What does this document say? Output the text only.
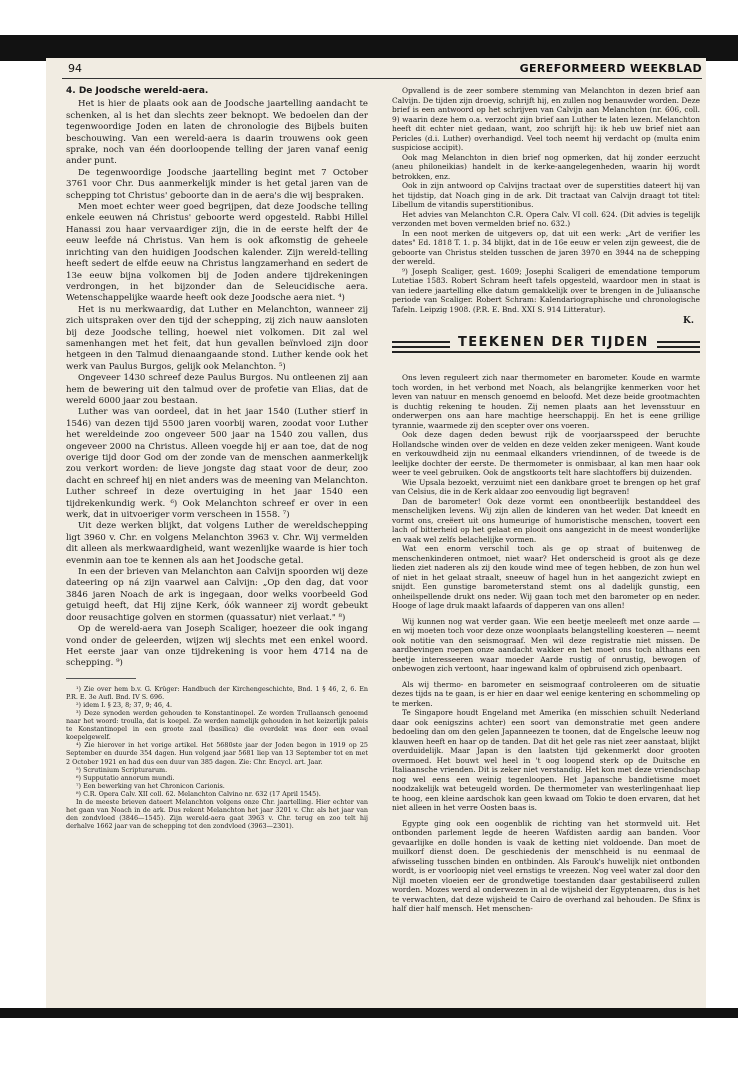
94	GEREFORMEERD WEEKBLAD
4. De Joodsche wereld-aera.

Het is hier de plaats ook aan de Joodsche jaartelling aandacht te schenken, al is het dan slechts zeer beknopt. We bedoelen dan der tegenwoordige Joden en laten de chronologie des Bijbels buiten beschouwing. Van een wereld-aera is daarin trouwens ook geen sprake, noch van één doorloopende telling der jaren vanaf eenig ander punt.

De tegenwoordige Joodsche jaartelling begint met 7 October 3761 voor Chr. Dus aanmerkelijk minder is het getal jaren van de schepping tot Christus' geboorte dan in de aera's die wij bespraken.

Men moet echter weer goed begrijpen, dat deze Joodsche telling enkele eeuwen ná Christus' geboorte werd opgesteld. Rabbi Hillel Hanassi zou haar vervaardiger zijn, die in de eerste helft der 4e eeuw leefde ná Christus. Van hem is ook afkomstig de geheele inrichting van den huidigen Joodschen kalender. Zijn wereld-telling heeft sedert de elfde eeuw na Christus langzamerhand en sedert de 13e eeuw bijna volkomen bij de Joden andere tijdrekeningen verdrongen, in het bijzonder dan de Seleucidische aera. Wetenschappelijke waarde heeft ook deze Joodsche aera niet. ⁴)

Het is nu merkwaardig, dat Luther en Melanchton, wanneer zij zich uitspraken over den tijd der schepping, zij zich nauw aansloten bij deze Joodsche telling, hoewel niet volkomen. Dit zal wel samenhangen met het feit, dat hun gevallen beïnvloed zijn door hetgeen in den Talmud dienaangaande stond. Luther kende ook het werk van Paulus Burgos, gelijk ook Melanchton. ⁵)

Ongeveer 1430 schreef deze Paulus Burgos. Nu ontleenen zij aan hem de bewering uit den talmud over de profetie van Elias, dat de wereld 6000 jaar zou bestaan.

Luther was van oordeel, dat in het jaar 1540 (Luther stierf in 1546) van dezen tijd 5500 jaren voorbij waren, zoodat voor Luther het wereldeinde zoo ongeveer 500 jaar na 1540 zou vallen, dus ongeveer 2000 na Christus. Alleen voegde hij er aan toe, dat de nog overige tijd door God om der zonde van de menschen aanmerkelijk zou verkort worden: de lieve jongste dag staat voor de deur, zoo dacht en schreef hij en niet anders was de meening van Melanchton. Luther schreef in deze overtuiging in het jaar 1540 een tijdrekenkundig werk. ⁶) Ook Melanchton schreef er over in een werk, dat in uitvoeriger vorm verscheen in 1558. ⁷)

Uit deze werken blijkt, dat volgens Luther de wereldschepping ligt 3960 v. Chr. en volgens Melanchton 3963 v. Chr. Wij vermelden dit alleen als merkwaardigheid, want wezenlijke waarde is hier toch evenmin aan toe te kennen als aan het Joodsche getal.

In een der brieven van Melanchton aan Calvijn spoorden wij deze dateering op ná zijn vaarwel aan Calvijn: „Op den dag, dat voor 3846 jaren Noach de ark is ingegaan, door welks voorbeeld God getuigd heeft, dat Hij zijne Kerk, óók wanneer zij wordt gebeukt door reusachtige golven en stormen (quassatur) niet verlaat." ⁸)

Op de wereld-aera van Joseph Scaliger, hoezeer die ook ingang vond onder de geleerden, wijzen wij slechts met een enkel woord. Het eerste jaar van onze tijdrekening is voor hem 4714 na de schepping. ⁹)

¹) Zie over hem b.v. G. Krüger: Handbuch der Kirchengeschichte, Bnd. 1 § 46, 2, 6. En P.R. E. 3e Aufl. Bnd. IV S. 696.

²) idem I. § 23, 8; 37, 9; 46, 4.

³) Deze synoden werden gehouden te Konstantinopel. Ze worden Trullaansch genoemd naar het woord: troulla, dat is koepel. Ze werden namelijk gehouden in het keizerlijk paleis te Konstantinopel in een groote zaal (basilica) die overdekt was door een ovaal koepelgewelf.

⁴) Zie hierover in het vorige artikel. Het 5680ste jaar der Joden begon in 1919 op 25 September en duurde 354 dagen. Hun volgend jaar 5681 liep van 13 September tot en met 2 October 1921 en had dus een duur van 385 dagen. Zie: Chr. Encycl. art. Jaar.

⁵) Scrutinium Scripturarum.

⁶) Supputatio annorum mundi.

⁷) Een bewerking van het Chronicon Carionis.

⁸) C.R. Opera Calv. XII coll. 62. Melanchton Calvino nr. 632 (17 April 1545).

In de meeste brieven dateert Melanchton volgens onze Chr. jaartelling. Hier echter van het gaan van Noach in de ark. Dus rekent Melanchton het jaar 3201 v. Chr. als het jaar van den zondvloed (3846—1545). Zijn wereld-aera gaat 3963 v. Chr. terug en zoo telt hij derhalve 1662 jaar van de schepping tot den zondvloed (3963—2301).

Opvallend is de zeer sombere stemming van Melanchton in dezen brief aan Calvijn. De tijden zijn droevig, schrijft hij, en zullen nog benauwder worden. Deze brief is een antwoord op het schrijven van Calvijn aan Melanchton (nr. 606, coll. 9) waarin deze hem o.a. verzocht zijn brief aan Luther te laten lezen. Melanchton heeft dit echter niet gedaan, want, zoo schrijft hij: ik heb uw brief niet aan Pericles (d.i. Luther) overhandigd. Veel toch neemt hij verdacht op (multa enim suspiciose accipit).

Ook mag Melanchton in dien brief nog opmerken, dat hij zonder eerzucht (aneu philoneikias) handelt in de kerke-aangelegenheden, waarin hij wordt betrokken, enz.

Ook in zijn antwoord op Calvijns tractaat over de superstities dateert hij van het tijdstip, dat Noach ging in de ark. Dit tractaat van Calvijn draagt tot titel: Libellum de vitandis superstitionibus.

Het advies van Melanchton C.R. Opera Calv. VI coll. 624. (Dit advies is tegelijk verzonden met boven vermelden brief no. 632.)

In een noot merken de uitgevers op, dat uit een werk: „Art de verifier les dates" Ed. 1818 T. 1. p. 34 blijkt, dat in de 16e eeuw er velen zijn geweest, die de geboorte van Christus stelden tusschen de jaren 3970 en 3944 na de schepping der wereld.

⁹) Joseph Scaliger, gest. 1609; Josephi Scaligeri de emendatione temporum Lutetiae 1583. Robert Schram heeft tafels opgesteld, waardoor men in staat is van iedere jaartelling elke datum gemakkelijk over te brengen in de Juliaansche periode van Scaliger. Robert Schram: Kalendariographische und chronologische Tafeln. Leipzig 1908. (P.R. E. Bnd. XXI S. 914 Litteratur).

K.
TEEKENEN DER TIJDEN

Ons leven reguleert zich naar thermometer en barometer. Koude en warmte toch worden, in het verbond met Noach, als belangrijke kenmerken voor het leven van natuur en mensch genoemd en beloofd. Met deze beide grootmachten is duchtig rekening te houden. Zij nemen plaats aan het levensstuur en onderwerpen ons aan hare machtige heerschappij. En het is eene grillige tyrannie, waarmede zij den scepter over ons voeren.

Ook deze dagen deden bewust rijk de voorjaarsspeed der beruchte Hollandsche winden over de velden en deze velden zeker menigeen. Want koude en verkouwdheid zijn nu eenmaal elkanders vriendinnen, of de tweede is de leelijke dochter der eerste. De thermometer is onmisbaar, al kan men haar ook weer te veel gebruiken. Ook de angstkoorts telt hare slachtoffers bij duizenden.

Wie Upsala bezoekt, verzuimt niet een dankbare groet te brengen op het graf van Celsius, die in de Kerk aldaar zoo eenvoudig ligt begraven!

Dan de barometer! Ook deze vormt een onontbeerlijk bestanddeel des menschelijken levens. Wij zijn allen de kinderen van het weder. Dat kneedt en vormt ons, creëert uit ons humeurige of humoristische menschen, toovert een lach of bitterheid op het gelaat en plooit ons aangezicht in de meest wonderlijke en vaak wel zelfs belachelijke vormen.

Wat een enorm verschil toch als ge op straat of buitenweg de menschenkinderen ontmoet, niet waar? Het onderscheid is groot als ge deze lieden ziet naderen als zij den koude wind mee of tegen hebben, de zon hun wel of niet in het gelaat straalt, sneeuw of hagel hun in het aangezicht zwiept en snijdt. Een gunstige barometerstand stemt ons al dadelijk gunstig, een onheilspellende drukt ons neder. Wij gaan toch met den barometer op en neder. Hooge of lage druk maakt lafaards of dapperen van ons allen!

Wij kunnen nog wat verder gaan. Wie een beetje meeleeft met onze aarde — en wij moeten toch voor deze onze woonplaats belangstelling koesteren — neemt ook notitie van den seismograaf. Men wil deze registratie niet missen. De aardbevingen roepen onze aandacht wakker en het moet ons toch althans een beetje interesseeren waar moeder Aarde rustig of onrustig, bewogen of onbewogen zich vertoont, haar ingewand kalm of opbruisend zich openbaart.

Als wij thermo- en barometer en seismograaf controleeren om de situatie dezes tijds na te gaan, is er hier en daar wel eenige kentering en schommeling op te merken.

Te Singapore houdt Engeland met Amerika (en misschien schuilt Nederland daar ook eenigszins achter) een soort van demonstratie met geen andere bedoeling dan om den gelen Japanneezen te toonen, dat de Engelsche leeuw nog klauwen heeft en haar op de tanden. Dat dit het gele ras niet zeer aanstaat, blijkt overduidelijk. Maar Japan is den laatsten tijd gekenmerkt door grooten overmoed. Het bouwt wel heel in 't oog loopend sterk op de Duitsche en Italiaansche vrienden. Dit is zeker niet verstandig. Het kon met deze vriendschap nog wel eens een weinig tegenloopen. Het Japansche bandietisme moet noodzakelijk wat beteugeld worden. De thermometer van westerlingenhaat liep te hoog, een kleine aardschok kan geen kwaad om Tokio te doen ervaren, dat het niet alleen in het verre Oosten baas is.

Egypte ging ook een oogenblik de richting van het stormveld uit. Het ontbonden parlement legde de heeren Wafdisten aardig aan banden. Voor gevaarlijke en dolle honden is vaak de ketting niet voldoende. Dan moet de muilkorf dienst doen. De geschiedenis der menschheid is nu eenmaal de afwisseling tusschen binden en ontbinden. Als Farouk's huwelijk niet ontbonden wordt, is er voorloopig niet veel ernstigs te vreezen. Nog veel water zal door den Nijl moeten vloeien eer de grondwetige toestanden daar gestabiliseerd zullen worden. Mozes werd al onderwezen in al de wijsheid der Egyptenaren, dus is het te verwachten, dat deze wijsheid te Cairo de overhand zal behouden. De Sfinx is half dier half mensch. Het menschen-
